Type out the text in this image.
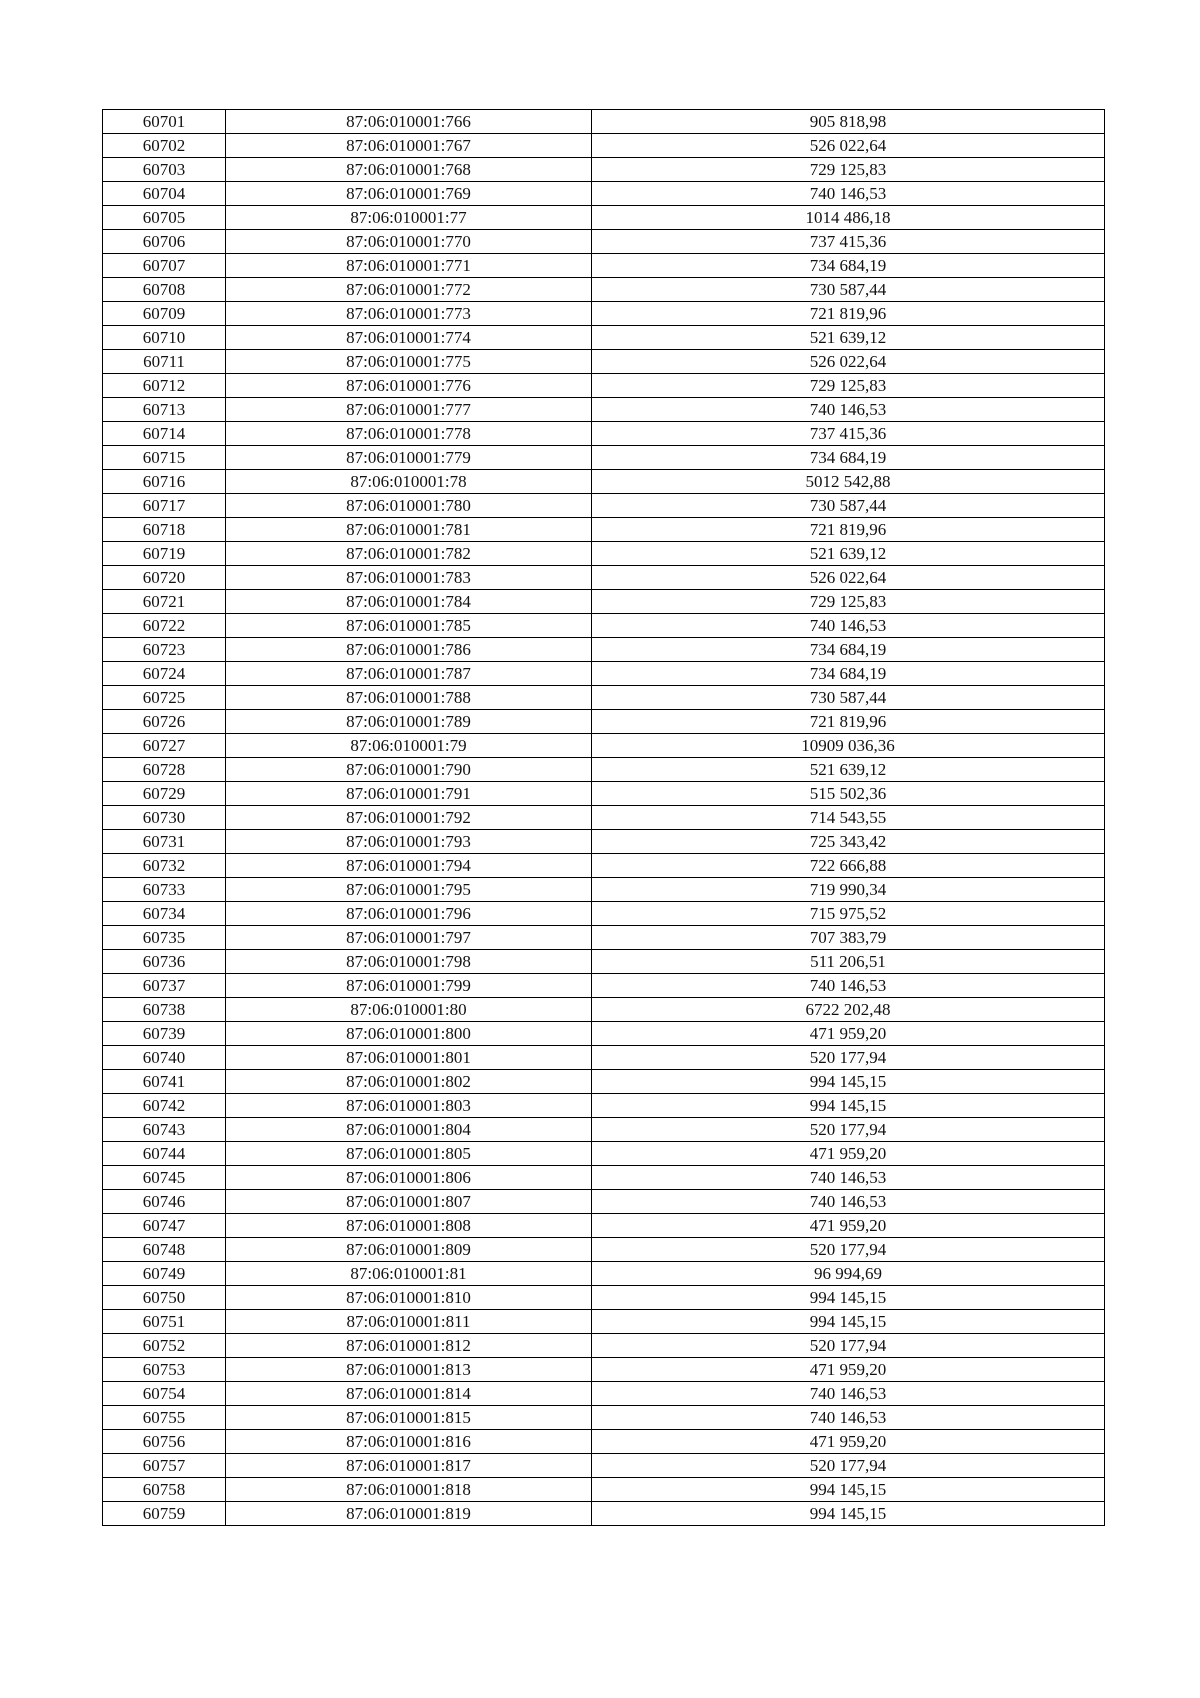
60701	87:06:010001:766	905 818,98
60702	87:06:010001:767	526 022,64
60703	87:06:010001:768	729 125,83
60704	87:06:010001:769	740 146,53
60705	87:06:010001:77	1014 486,18
60706	87:06:010001:770	737 415,36
60707	87:06:010001:771	734 684,19
60708	87:06:010001:772	730 587,44
60709	87:06:010001:773	721 819,96
60710	87:06:010001:774	521 639,12
60711	87:06:010001:775	526 022,64
60712	87:06:010001:776	729 125,83
60713	87:06:010001:777	740 146,53
60714	87:06:010001:778	737 415,36
60715	87:06:010001:779	734 684,19
60716	87:06:010001:78	5012 542,88
60717	87:06:010001:780	730 587,44
60718	87:06:010001:781	721 819,96
60719	87:06:010001:782	521 639,12
60720	87:06:010001:783	526 022,64
60721	87:06:010001:784	729 125,83
60722	87:06:010001:785	740 146,53
60723	87:06:010001:786	734 684,19
60724	87:06:010001:787	734 684,19
60725	87:06:010001:788	730 587,44
60726	87:06:010001:789	721 819,96
60727	87:06:010001:79	10909 036,36
60728	87:06:010001:790	521 639,12
60729	87:06:010001:791	515 502,36
60730	87:06:010001:792	714 543,55
60731	87:06:010001:793	725 343,42
60732	87:06:010001:794	722 666,88
60733	87:06:010001:795	719 990,34
60734	87:06:010001:796	715 975,52
60735	87:06:010001:797	707 383,79
60736	87:06:010001:798	511 206,51
60737	87:06:010001:799	740 146,53
60738	87:06:010001:80	6722 202,48
60739	87:06:010001:800	471 959,20
60740	87:06:010001:801	520 177,94
60741	87:06:010001:802	994 145,15
60742	87:06:010001:803	994 145,15
60743	87:06:010001:804	520 177,94
60744	87:06:010001:805	471 959,20
60745	87:06:010001:806	740 146,53
60746	87:06:010001:807	740 146,53
60747	87:06:010001:808	471 959,20
60748	87:06:010001:809	520 177,94
60749	87:06:010001:81	96 994,69
60750	87:06:010001:810	994 145,15
60751	87:06:010001:811	994 145,15
60752	87:06:010001:812	520 177,94
60753	87:06:010001:813	471 959,20
60754	87:06:010001:814	740 146,53
60755	87:06:010001:815	740 146,53
60756	87:06:010001:816	471 959,20
60757	87:06:010001:817	520 177,94
60758	87:06:010001:818	994 145,15
60759	87:06:010001:819	994 145,15
